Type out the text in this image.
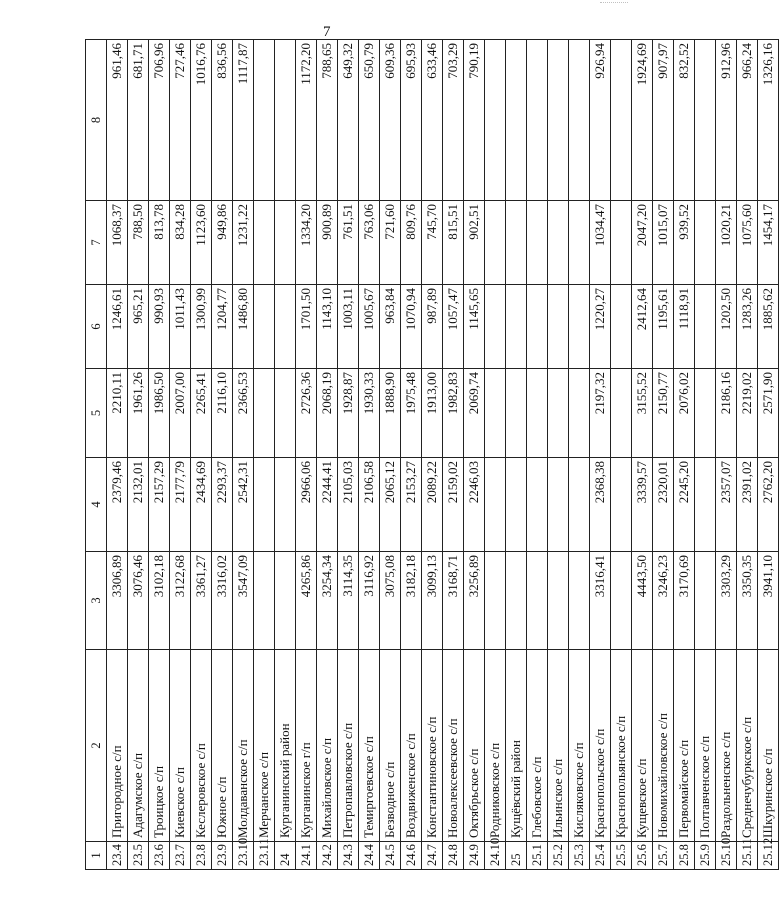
7
1	2	3	4	5	6	7	8
23.4	Пригородное с/п	3306,89	2379,46	2210,11	1246,61	1068,37	961,46
23.5	Адагумское с/п	3076,46	2132,01	1961,26	965,21	788,50	681,71
23.6	Троицкое с/п	3102,18	2157,29	1986,50	990,93	813,78	706,96
23.7	Киевское с/п	3122,68	2177,79	2007,00	1011,43	834,28	727,46
23.8	Кеслеровское с/п	3361,27	2434,69	2265,41	1300,99	1123,60	1016,76
23.9	Южное с/п	3316,02	2293,37	2116,10	1204,77	949,86	836,56
23.10	Молдаванское с/п	3547,09	2542,31	2366,53	1486,80	1231,22	1117,87
23.11	Мерчанское с/п						
24	Курганинский район						
24.1	Курганинское г/п	4265,86	2966,06	2726,36	1701,50	1334,20	1172,20
24.2	Михайловское с/п	3254,34	2244,41	2068,19	1143,10	900,89	788,65
24.3	Петропавловское с/п	3114,35	2105,03	1928,87	1003,11	761,51	649,32
24.4	Темиргоевское с/п	3116,92	2106,58	1930,33	1005,67	763,06	650,79
24.5	Безводное с/п	3075,08	2065,12	1888,90	963,84	721,60	609,36
24.6	Воздвиженское с/п	3182,18	2153,27	1975,48	1070,94	809,76	695,93
24.7	Константиновское с/п	3099,13	2089,22	1913,00	987,89	745,70	633,46
24.8	Новоалексеевское с/п	3168,71	2159,02	1982,83	1057,47	815,51	703,29
24.9	Октябрьское с/п	3256,89	2246,03	2069,74	1145,65	902,51	790,19
24.10	Родниковское с/п						
25	Кущёвский район						
25.1	Глебовское с/п						
25.2	Ильинское с/п						
25.3	Кисляковское с/п						
25.4	Краснопольское с/п	3316,41	2368,38	2197,32	1220,27	1034,47	926,94
25.5	Краснопольянское с/п						
25.6	Кущевское с/п	4443,50	3339,57	3155,52	2412,64	2047,20	1924,69
25.7	Новомихайловское с/п	3246,23	2320,01	2150,77	1195,61	1015,07	907,97
25.8	Первомайское с/п	3170,69	2245,20	2076,02	1118,91	939,52	832,52
25.9	Полтавченское с/п						
25.10	Раздольненское с/п	3303,29	2357,07	2186,16	1202,50	1020,21	912,96
25.11	Среднечубуркское с/п	3350,35	2391,02	2219,02	1283,26	1075,60	966,24
25.12	Шкуринское с/п	3941,10	2762,20	2571,90	1885,62	1454,17	1326,16
